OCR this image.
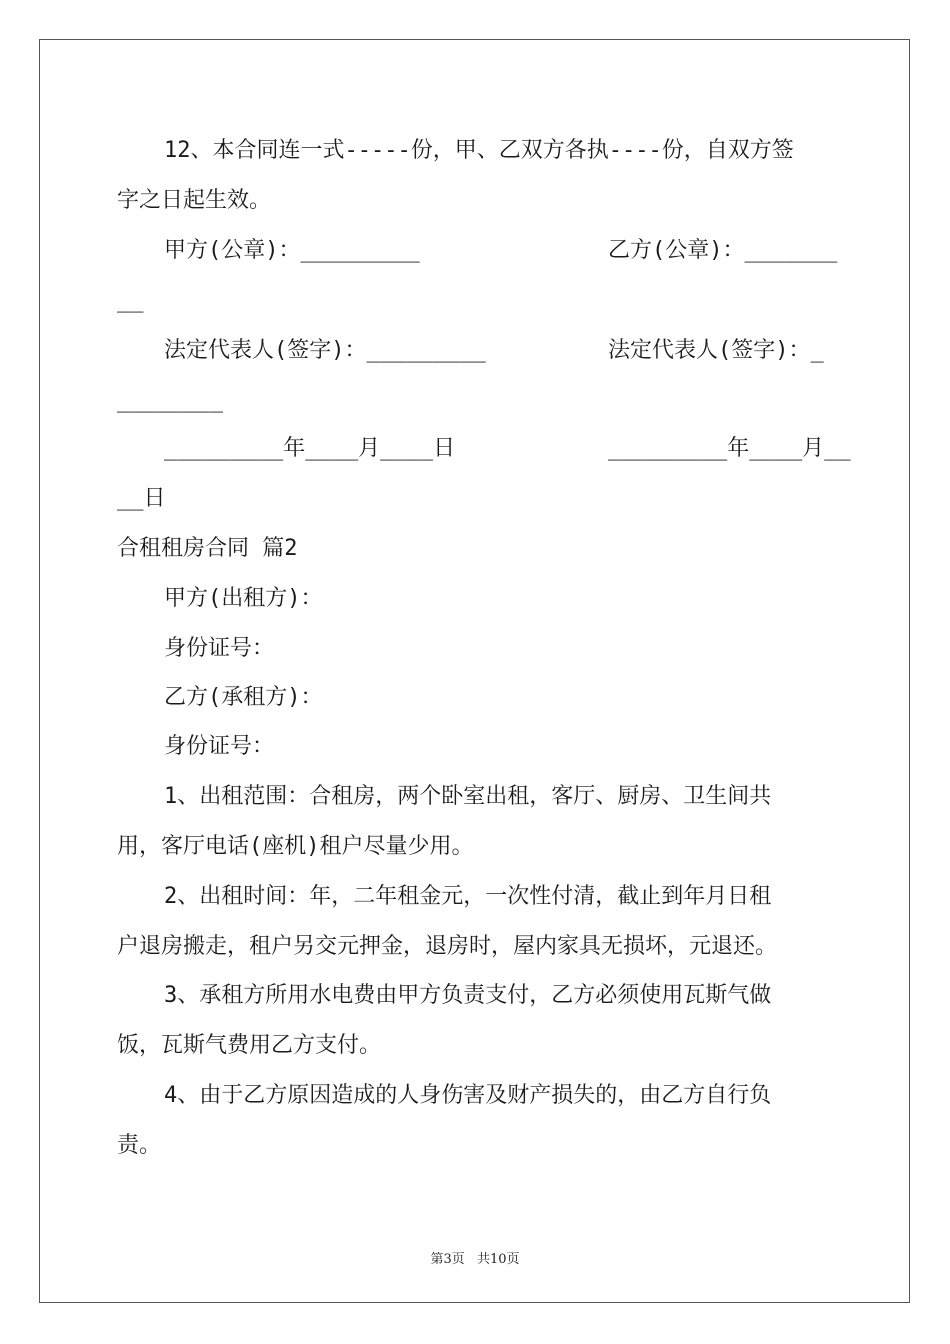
12、本合同连一式-----份，甲、乙双方各执----份，自双方签
字之日起生效。
甲方(公章)：_________	乙方(公章)：_______
__
法定代表人(签字)：_________	法定代表人(签字)：_
________
_________年____月____日	_________年____月__
__日
合租租房合同 篇2
甲方(出租方)：
身份证号：
乙方(承租方)：
身份证号：
1、出租范围：合租房，两个卧室出租，客厅、厨房、卫生间共
用，客厅电话(座机)租户尽量少用。
2、出租时间：年，二年租金元，一次性付清，截止到年月日租
户退房搬走，租户另交元押金，退房时，屋内家具无损坏，元退还。
3、承租方所用水电费由甲方负责支付，乙方必须使用瓦斯气做
饭，瓦斯气费用乙方支付。
4、由于乙方原因造成的人身伤害及财产损失的，由乙方自行负
责。
第3页 共10页
